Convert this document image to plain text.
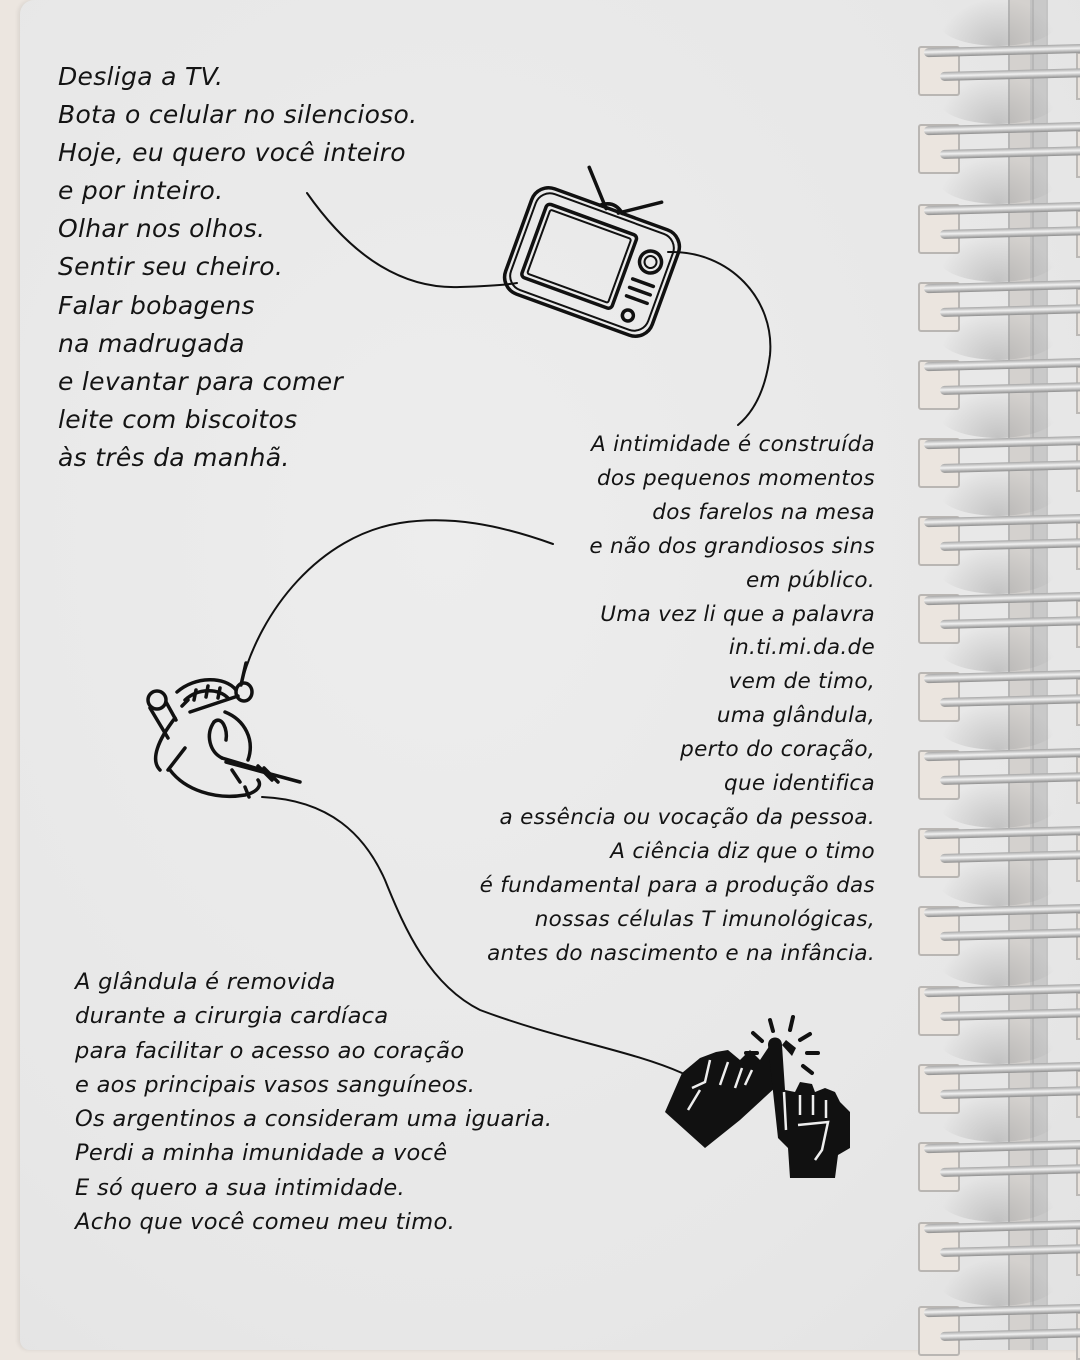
Desliga a TV.
Bota o celular no silencioso.
Hoje, eu quero você inteiro
e por inteiro.
Olhar nos olhos.
Sentir seu cheiro.
Falar bobagens
na madrugada
e levantar para comer
leite com biscoitos
às três da manhã.	A intimidade é construída
dos pequenos momentos
dos farelos na mesa
e não dos grandiosos sins
em público.
Uma vez li que a palavra
in.ti.mi.da.de
vem de timo,
uma glândula,
perto do coração,
que identifica
a essência ou vocação da pessoa.
A ciência diz que o timo
é fundamental para a produção das
nossas células T imunológicas,
antes do nascimento e na infância.
A glândula é removida
durante a cirurgia cardíaca
para facilitar o acesso ao coração
e aos principais vasos sanguíneos.
Os argentinos a consideram uma iguaria.
Perdi a minha imunidade a você
E só quero a sua intimidade.
Acho que você comeu meu timo.
